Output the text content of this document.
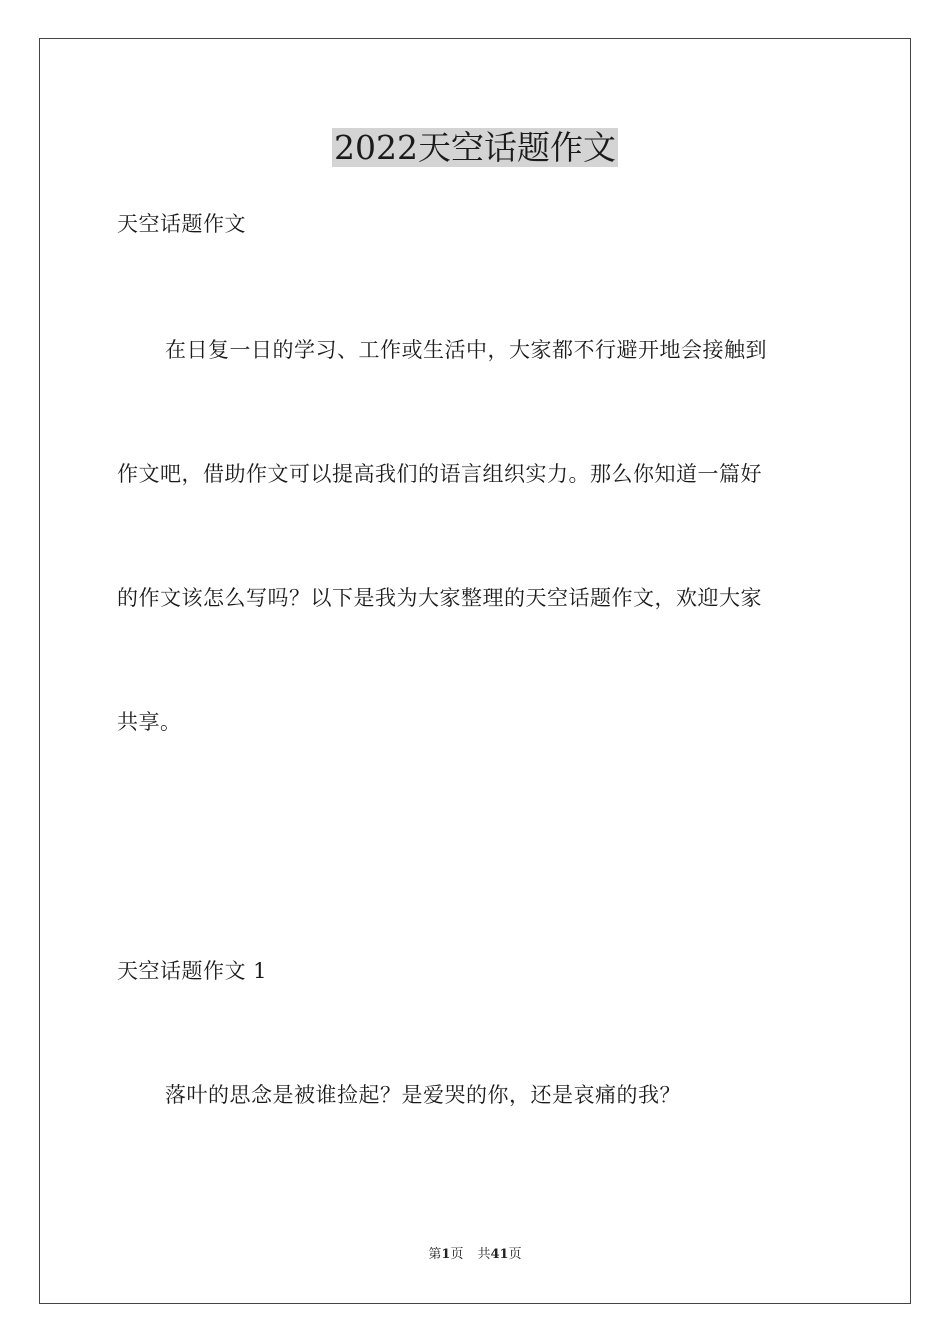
2022天空话题作文
天空话题作文
在日复一日的学习、工作或生活中，大家都不行避开地会接触到
作文吧，借助作文可以提高我们的语言组织实力。那么你知道一篇好
的作文该怎么写吗？以下是我为大家整理的天空话题作文，欢迎大家
共享。
天空话题作文 1
落叶的思念是被谁捡起？是爱哭的你，还是哀痛的我？
第1页 共41页
